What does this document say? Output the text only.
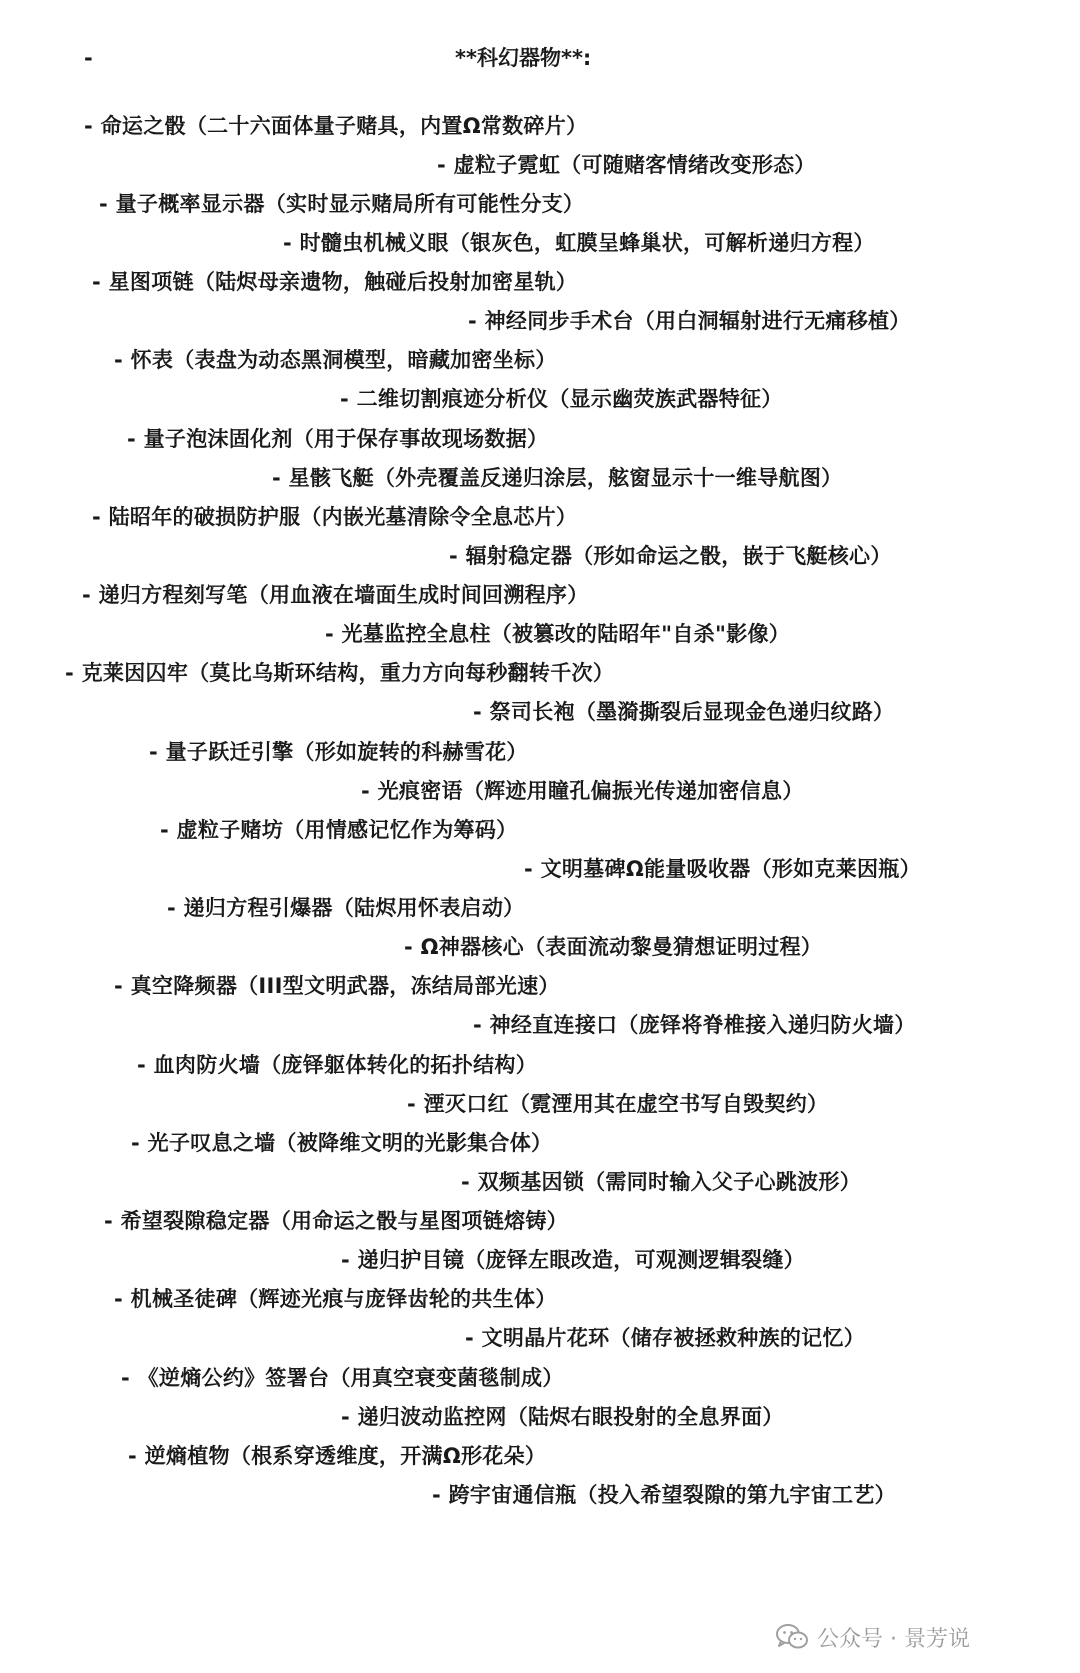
-	**科幻器物**:
- 命运之骰（二十六面体量子赌具，内置Ω常数碎片）
- 虚粒子霓虹（可随赌客情绪改变形态）
- 量子概率显示器（实时显示赌局所有可能性分支）
- 时髓虫机械义眼（银灰色，虹膜呈蜂巢状，可解析递归方程）
- 星图项链（陆烬母亲遗物，触碰后投射加密星轨）
- 神经同步手术台（用白洞辐射进行无痛移植）
- 怀表（表盘为动态黑洞模型，暗藏加密坐标）
- 二维切割痕迹分析仪（显示幽荧族武器特征）
- 量子泡沫固化剂（用于保存事故现场数据）
- 星骸飞艇（外壳覆盖反递归涂层，舷窗显示十一维导航图）
- 陆昭年的破损防护服（内嵌光墓清除令全息芯片）
- 辐射稳定器（形如命运之骰，嵌于飞艇核心）
- 递归方程刻写笔（用血液在墙面生成时间回溯程序）
- 光墓监控全息柱（被篡改的陆昭年"自杀"影像）
- 克莱因囚牢（莫比乌斯环结构，重力方向每秒翻转千次）
- 祭司长袍（墨漪撕裂后显现金色递归纹路）
- 量子跃迁引擎（形如旋转的科赫雪花）
- 光痕密语（辉迹用瞳孔偏振光传递加密信息）
- 虚粒子赌坊（用情感记忆作为筹码）
- 文明墓碑Ω能量吸收器（形如克莱因瓶）
- 递归方程引爆器（陆烬用怀表启动）
- Ω神器核心（表面流动黎曼猜想证明过程）
- 真空降频器（III型文明武器，冻结局部光速）
- 神经直连接口（庞铎将脊椎接入递归防火墙）
- 血肉防火墙（庞铎躯体转化的拓扑结构）
- 湮灭口红（霓湮用其在虚空书写自毁契约）
- 光子叹息之墙（被降维文明的光影集合体）
- 双频基因锁（需同时输入父子心跳波形）
- 希望裂隙稳定器（用命运之骰与星图项链熔铸）
- 递归护目镜（庞铎左眼改造，可观测逻辑裂缝）
- 机械圣徒碑（辉迹光痕与庞铎齿轮的共生体）
- 文明晶片花环（储存被拯救种族的记忆）
- 《逆熵公约》签署台（用真空衰变菌毯制成）
- 递归波动监控网（陆烬右眼投射的全息界面）
- 逆熵植物（根系穿透维度，开满Ω形花朵）
- 跨宇宙通信瓶（投入希望裂隙的第九宇宙工艺）
公众号 · 景芳说
